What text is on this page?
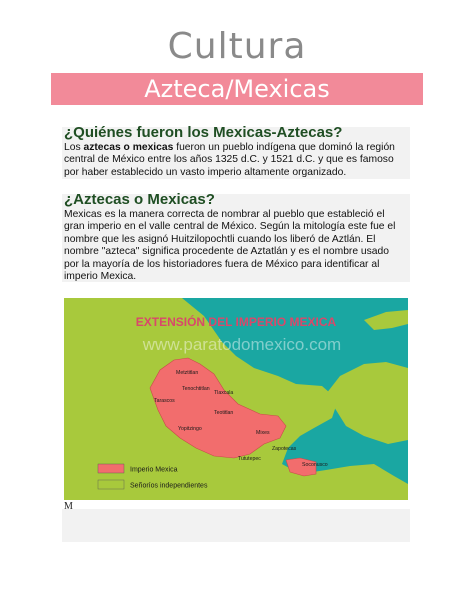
Cultura
Azteca/Mexicas
¿Quiénes fueron los Mexicas-Aztecas?
Los aztecas o mexicas fueron un pueblo indígena que dominó la región
central de México entre los años 1325 d.C. y 1521 d.C. y que es famoso
por haber establecido un vasto imperio altamente organizado.
¿Aztecas o Mexicas?
Mexicas es la manera correcta de nombrar al pueblo que estableció el
gran imperio en el valle central de México. Según la mitología este fue el
nombre que les asignó Huitzilopochtli cuando los liberó de Aztlán. El
nombre "azteca" significa procedente de Aztatlán y es el nombre usado
por la mayoría de los historiadores fuera de México para identificar al
imperio Mexica.
EXTENSIÓN DEL IMPERIO MEXICA
www.paratodomexico.com
Metztitlan
Tenochtitlan
Tlaxcala
Tarascos
Teotitlan
Yopitzingo
Mixes
Zapotecas
Tututepec
Soconusco
Imperio Mexica
Señoríos independientes
M
